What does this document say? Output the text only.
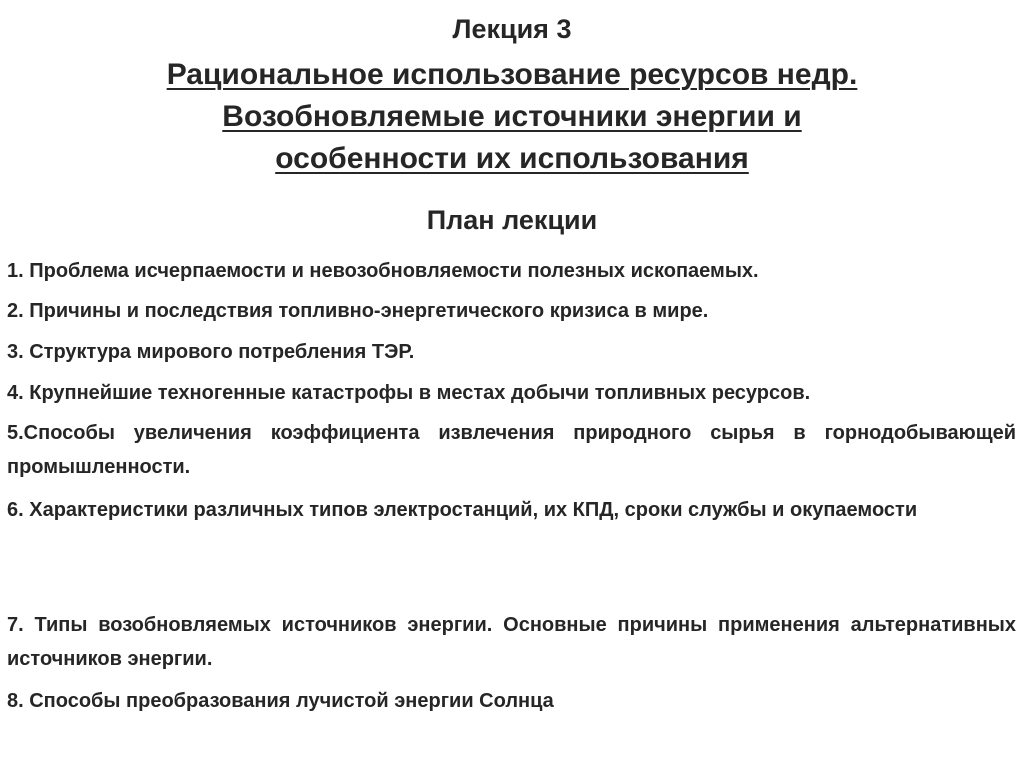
Лекция 3
Рациональное использование ресурсов недр.
Возобновляемые источники энергии и
особенности их использования
План лекции
1. Проблема исчерпаемости и невозобновляемости полезных ископаемых.
2. Причины и последствия топливно-энергетического кризиса в мире.
3. Структура мирового потребления ТЭР.
4. Крупнейшие техногенные катастрофы в местах добычи топливных ресурсов.
5.Способы увеличения коэффициента извлечения природного сырья в горнодобывающей промышленности.
6. Характеристики различных типов электростанций, их КПД, сроки службы и окупаемости
7. Типы возобновляемых источников энергии. Основные причины применения альтернативных источников энергии.
8. Способы преобразования лучистой энергии Солнца
